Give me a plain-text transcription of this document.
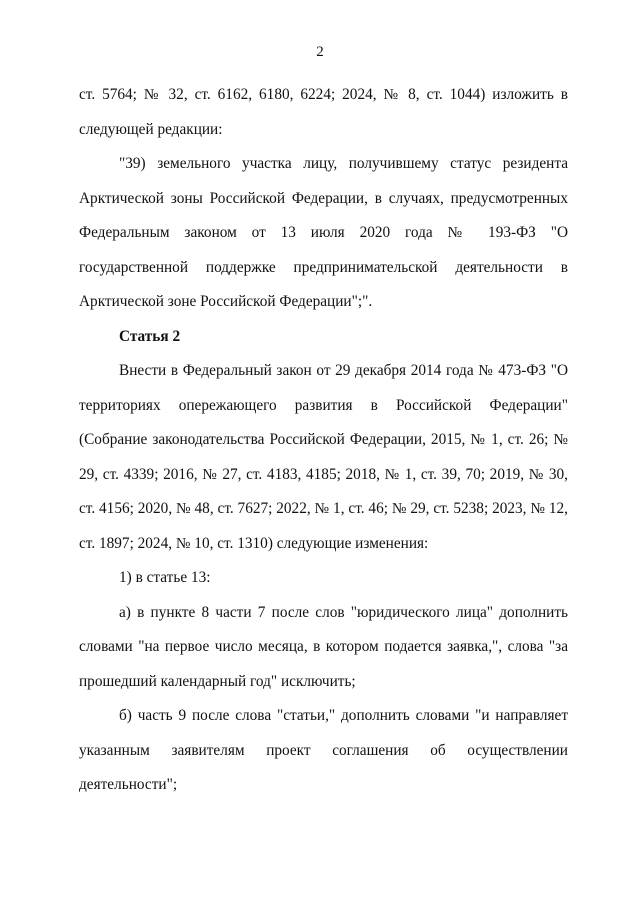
2

ст. 5764; № 32, ст. 6162, 6180, 6224; 2024, № 8, ст. 1044) изложить в следующей редакции:

"39) земельного участка лицу, получившему статус резидента Арктической зоны Российской Федерации, в случаях, предусмотренных Федеральным законом от 13 июля 2020 года № 193-ФЗ "О государственной поддержке предпринимательской деятельности в Арктической зоне Российской Федерации";".

Статья 2

Внести в Федеральный закон от 29 декабря 2014 года № 473-ФЗ "О территориях опережающего развития в Российской Федерации" (Собрание законодательства Российской Федерации, 2015, № 1, ст. 26; № 29, ст. 4339; 2016, № 27, ст. 4183, 4185; 2018, № 1, ст. 39, 70; 2019, № 30, ст. 4156; 2020, № 48, ст. 7627; 2022, № 1, ст. 46; № 29, ст. 5238; 2023, № 12, ст. 1897; 2024, № 10, ст. 1310) следующие изменения:

1) в статье 13:

а) в пункте 8 части 7 после слов "юридического лица" дополнить словами "на первое число месяца, в котором подается заявка,", слова "за прошедший календарный год" исключить;

б) часть 9 после слова "статьи," дополнить словами "и направляет указанным заявителям проект соглашения об осуществлении деятельности";
